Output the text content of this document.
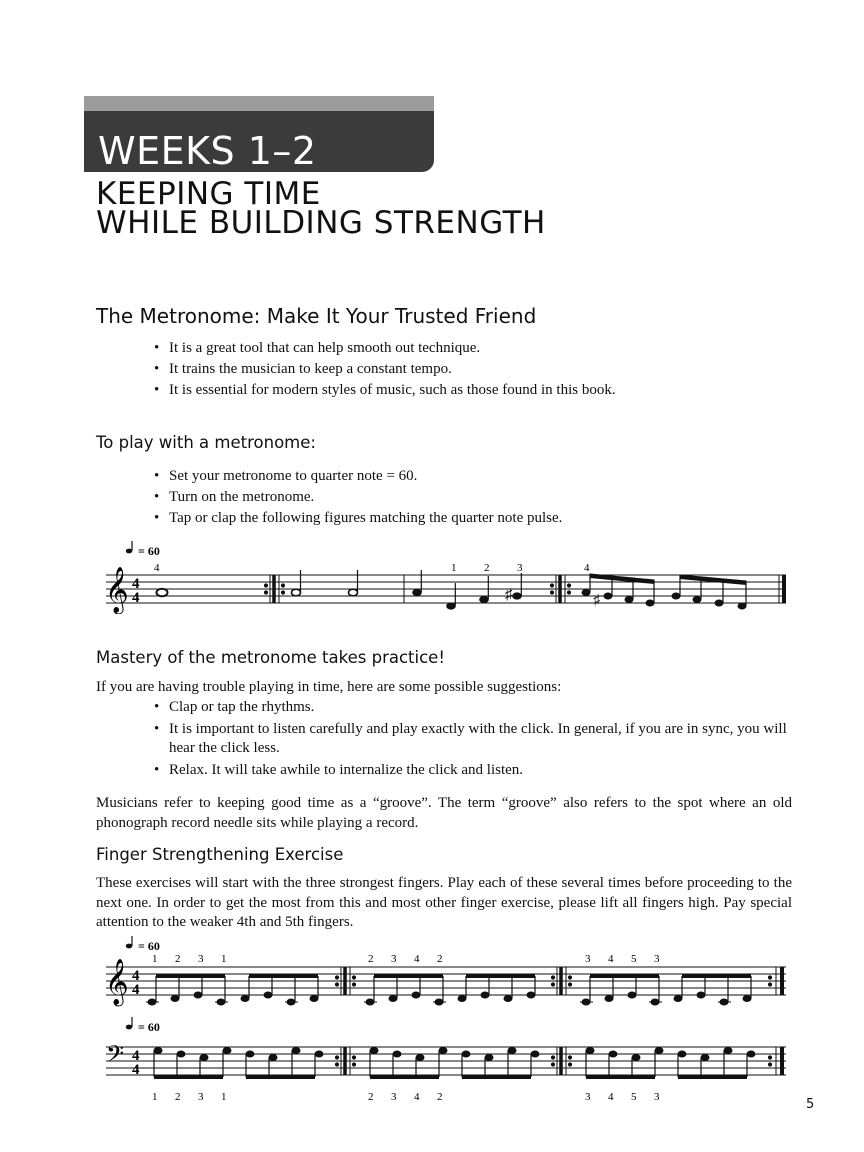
WEEKS 1–2
KEEPING TIME
WHILE BUILDING STRENGTH
The Metronome: Make It Your Trusted Friend
• It is a great tool that can help smooth out technique.
• It trains the musician to keep a constant tempo.
• It is essential for modern styles of music, such as those found in this book.
To play with a metronome:
• Set your metronome to quarter note = 60.
• Turn on the metronome.
• Tap or clap the following figures matching the quarter note pulse.
= 60
𝄞 4
4
4	1	2	3	4
♯	♯
Mastery of the metronome takes practice!

If you are having trouble playing in time, here are some possible suggestions:

• Clap or tap the rhythms.
• It is important to listen carefully and play exactly with the click. In general, if you are in sync, you will hear the click less.
• Relax. It will take awhile to internalize the click and listen.

Musicians refer to keeping good time as a “groove”. The term “groove” also refers to the spot where an old phonograph record needle sits while playing a record.

Finger Strengthening Exercise

These exercises will start with the three strongest fingers. Play each of these several times before proceeding to the next one. In order to get the most from this and most other finger exercise, please lift all fingers high. Pay special attention to the weaker 4th and 5th fingers.

= 60
𝄞 4
4
1 2 3 1	2 3 4 2	3 4 5 3
= 60
𝄢 4
4
1 2 3 1	2 3 4 2	3 4 5 3	5
